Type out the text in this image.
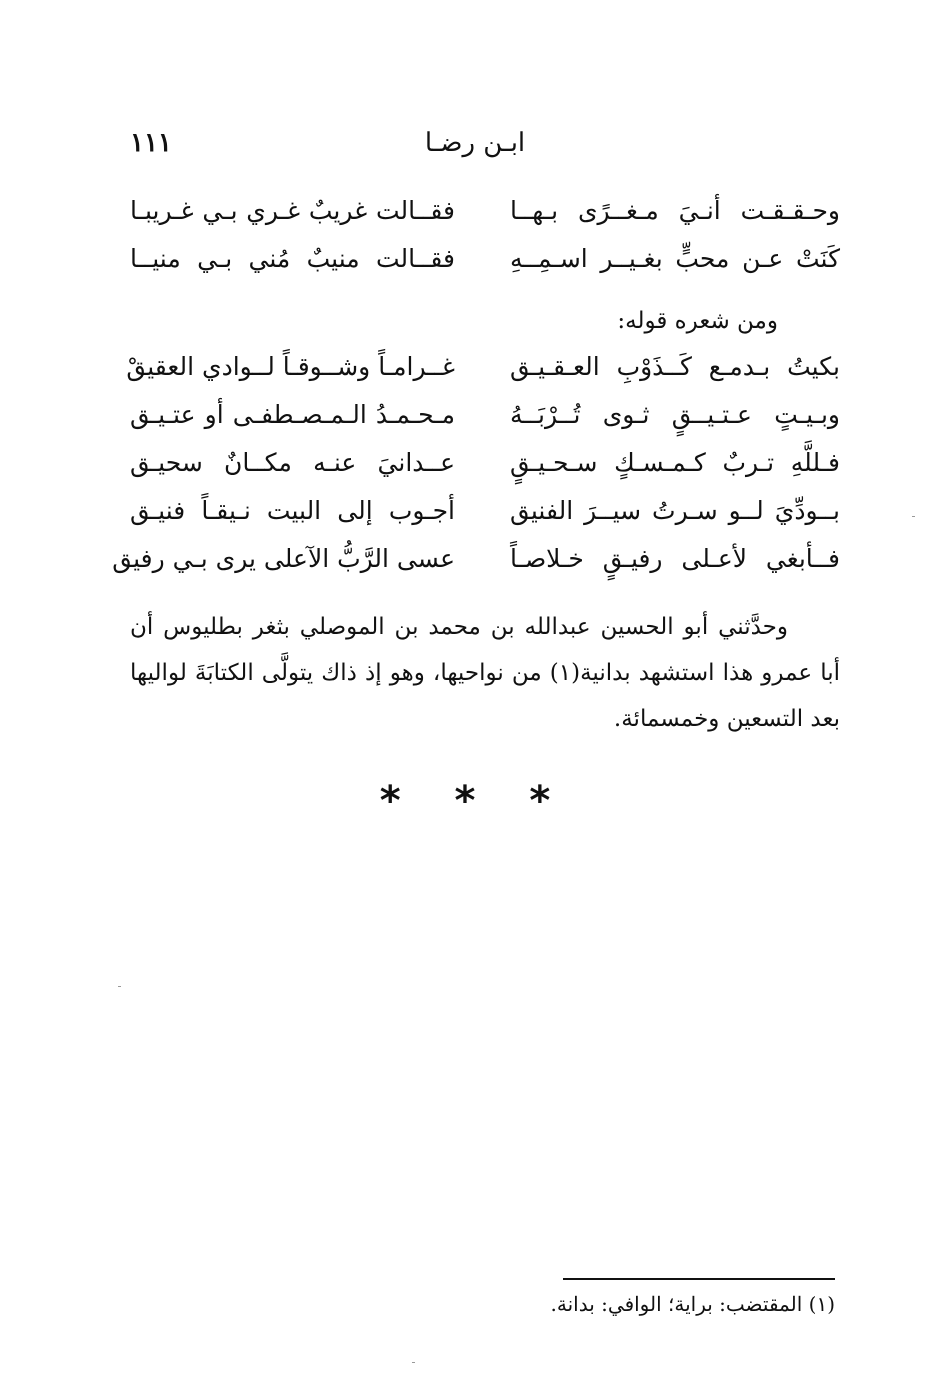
ابـن رضـا
١١١
وحـقـقـت أنـيَ مـغــرًى بـهــا
فقــالت غريبٌ غـري بـي غـريبـا
كَنَتْ عـن محبٍّ بغـيــر اسـمِــهِ
فقــالت منيبٌ مُني بـي منيــا
ومن شعره قوله:
بكيتُ بـدمـع كَــذَوْبِ العـقـيـق
غــرامـاً وشــوقـاً لــوادي العقيقْ
وبـيـتٍ عـتـيــقٍ ثـوى تُــرْبَــهُ
مـحـمـدُ الـمـصـطفـى أو عتـيـق
فـللَّهِ تـربٌ كـمـسـكٍ سـحـيـقٍ
عــدانيَ عنـه مكــانٌ سحيـق
بــودِّيَ لــو سـرتُ سيــرَ الفنيق
أجـوب إلى البيت نـيقـاً فنيـق
فــأبغي لأعـلى رفيـقٍ خـلاصـاً
عسى الرَّبُّ الآعلى يرى بـي رفيق
وحدَّثني أبو الحسين عبدالله بن محمد بن الموصلي بثغر بطليوس أن أبا عمرو هذا استشهد بدانية(١) من نواحيها، وهو إذ ذاك يتولَّى الكتابَةَ لواليها بعد التسعين وخمسمائة.
* * *
(١) المقتضب: براية؛ الوافي: بدانة.
